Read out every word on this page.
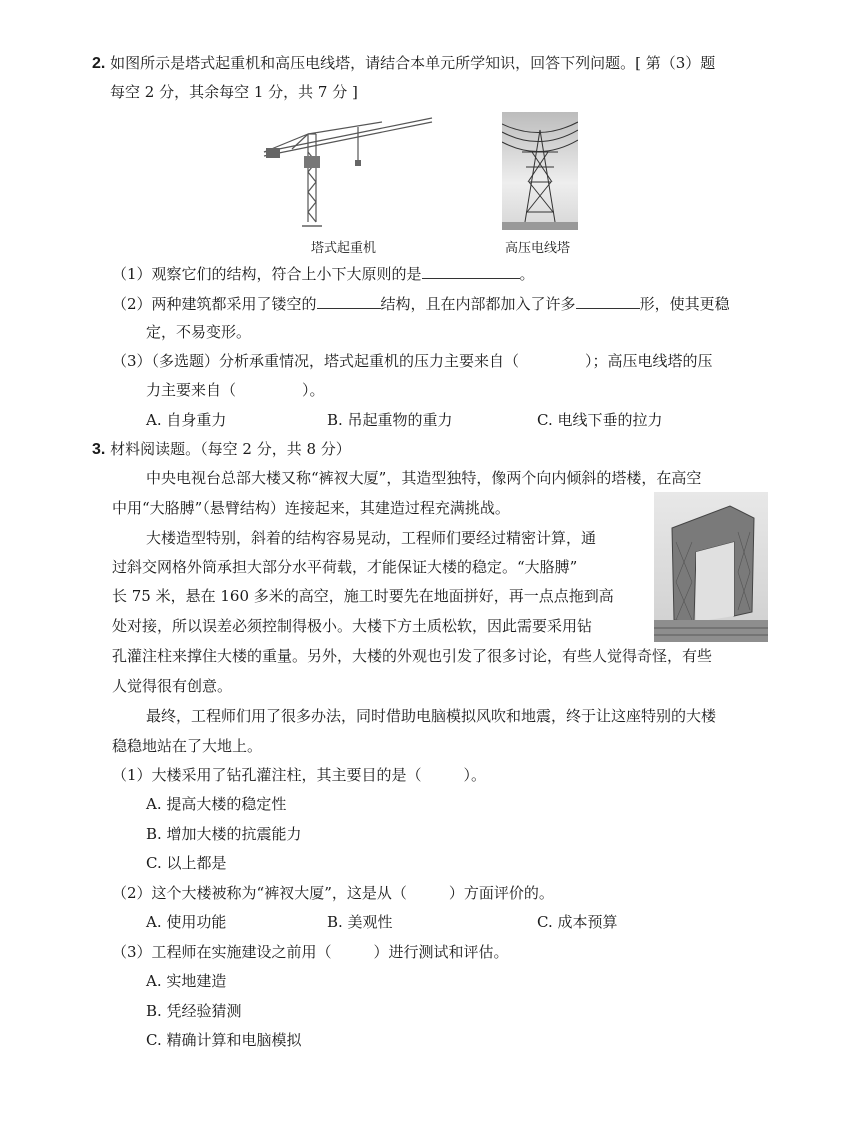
2. 如图所示是塔式起重机和高压电线塔，请结合本单元所学知识，回答下列问题。[ 第（3）题
每空 2 分，其余每空 1 分，共 7 分 ]
塔式起重机	高压电线塔
（1）观察它们的结构，符合上小下大原则的是	。
（2）两种建筑都采用了镂空的	结构，且在内部都加入了许多	形，使其更稳
定，不易变形。
（3）（多选题）分析承重情况，塔式起重机的压力主要来自（	）；高压电线塔的压
力主要来自（	）。
A. 自身重力	B. 吊起重物的重力	C. 电线下垂的拉力
3. 材料阅读题。（每空 2 分，共 8 分）
中央电视台总部大楼又称“裤衩大厦”，其造型独特，像两个向内倾斜的塔楼，在高空
中用“大胳膊”（悬臂结构）连接起来，其建造过程充满挑战。
大楼造型特别，斜着的结构容易晃动，工程师们要经过精密计算，通
过斜交网格外筒承担大部分水平荷载，才能保证大楼的稳定。“大胳膊”
长 75 米，悬在 160 多米的高空，施工时要先在地面拼好，再一点点拖到高
处对接，所以误差必须控制得极小。大楼下方土质松软，因此需要采用钻
孔灌注柱来撑住大楼的重量。另外，大楼的外观也引发了很多讨论，有些人觉得奇怪，有些
人觉得很有创意。
最终，工程师们用了很多办法，同时借助电脑模拟风吹和地震，终于让这座特别的大楼
稳稳地站在了大地上。
（1）大楼采用了钻孔灌注柱，其主要目的是（	）。
A. 提高大楼的稳定性
B. 增加大楼的抗震能力
C. 以上都是
（2）这个大楼被称为“裤衩大厦”，这是从（	）方面评价的。
A. 使用功能	B. 美观性	C. 成本预算
（3）工程师在实施建设之前用（	）进行测试和评估。
A. 实地建造
B. 凭经验猜测
C. 精确计算和电脑模拟
